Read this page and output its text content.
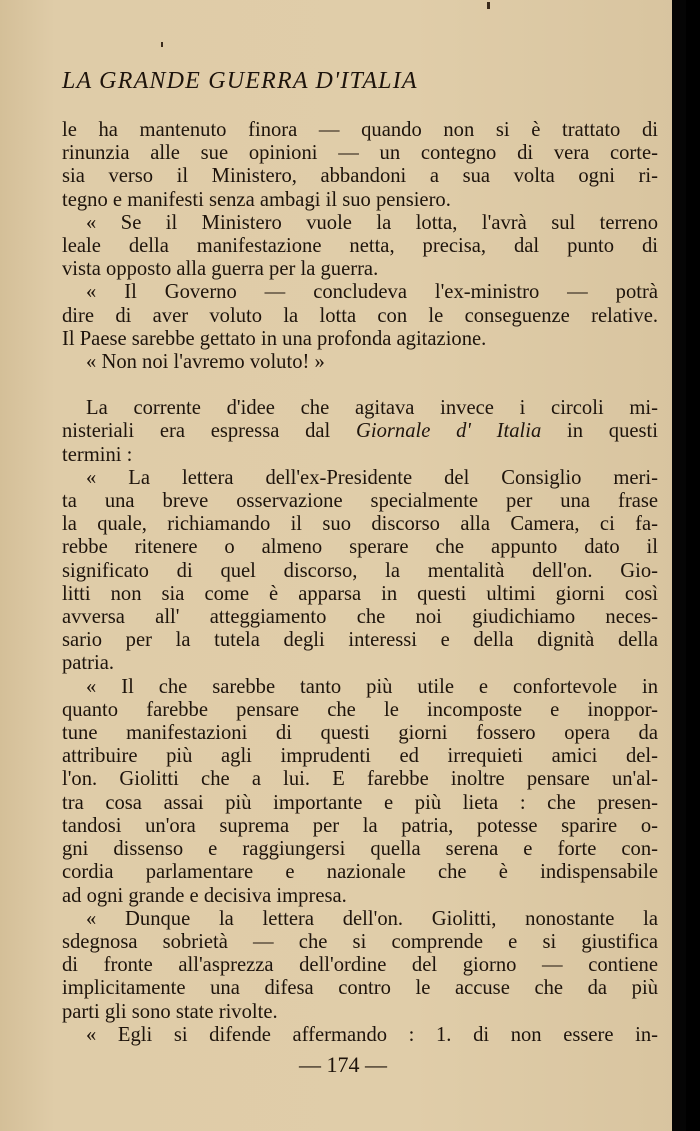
LA GRANDE GUERRA D'ITALIA
le ha mantenuto finora — quando non si è trattato di
rinunzia alle sue opinioni — un contegno di vera corte-
sia verso il Ministero, abbandoni a sua volta ogni ri-
tegno e manifesti senza ambagi il suo pensiero.
« Se il Ministero vuole la lotta, l'avrà sul terreno
leale della manifestazione netta, precisa, dal punto di
vista opposto alla guerra per la guerra.
« Il Governo — concludeva l'ex-ministro — potrà
dire di aver voluto la lotta con le conseguenze relative.
Il Paese sarebbe gettato in una profonda agitazione.
« Non noi l'avremo voluto! »
La corrente d'idee che agitava invece i circoli mi-
nisteriali era espressa dal Giornale d' Italia in questi
termini :
« La lettera dell'ex-Presidente del Consiglio meri-
ta una breve osservazione specialmente per una frase
la quale, richiamando il suo discorso alla Camera, ci fa-
rebbe ritenere o almeno sperare che appunto dato il
significato di quel discorso, la mentalità dell'on. Gio-
litti non sia come è apparsa in questi ultimi giorni così
avversa all' atteggiamento che noi giudichiamo neces-
sario per la tutela degli interessi e della dignità della
patria.
« Il che sarebbe tanto più utile e confortevole in
quanto farebbe pensare che le incomposte e inoppor-
tune manifestazioni di questi giorni fossero opera da
attribuire più agli imprudenti ed irrequieti amici del-
l'on. Giolitti che a lui. E farebbe inoltre pensare un'al-
tra cosa assai più importante e più lieta : che presen-
tandosi un'ora suprema per la patria, potesse sparire o-
gni dissenso e raggiungersi quella serena e forte con-
cordia parlamentare e nazionale che è indispensabile
ad ogni grande e decisiva impresa.
« Dunque la lettera dell'on. Giolitti, nonostante la
sdegnosa sobrietà — che si comprende e si giustifica
di fronte all'asprezza dell'ordine del giorno — contiene
implicitamente una difesa contro le accuse che da più
parti gli sono state rivolte.
« Egli si difende affermando : 1. di non essere in-
— 174 —
